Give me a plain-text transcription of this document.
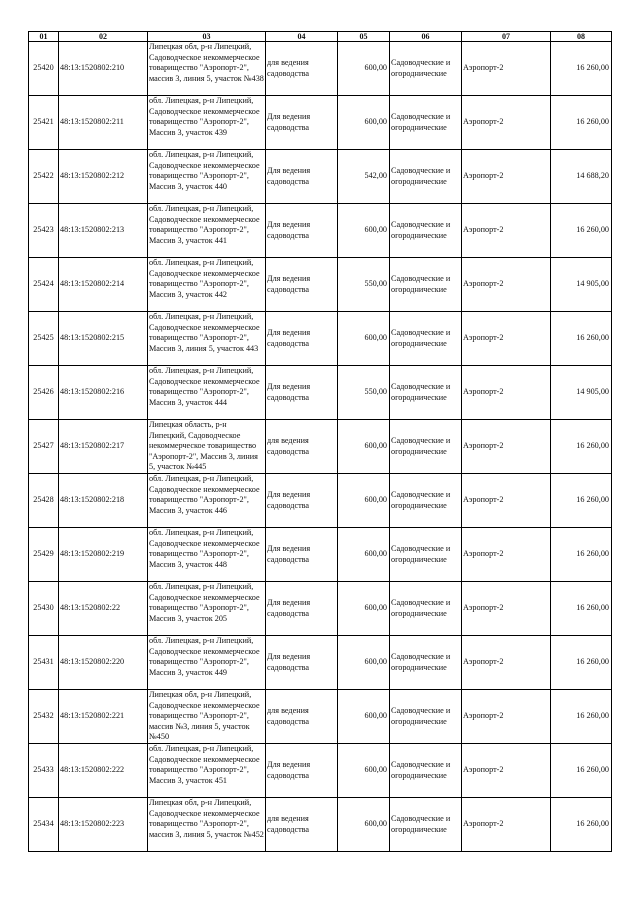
01	02	03	04	05	06	07	08
25420	48:13:1520802:210	Липецкая обл, р-н Липецкий, Садоводческое некоммерческое товарищество "Аэропорт-2", массив 3, линия 5, участок №438	для ведения садоводства	600,00	Садоводческие и огороднические	Аэропорт-2	16 260,00
25421	48:13:1520802:211	обл. Липецкая, р-н Липецкий, Садоводческое некоммерческое товарищество "Аэропорт-2", Массив 3, участок 439	Для ведения садоводства	600,00	Садоводческие и огороднические	Аэропорт-2	16 260,00
25422	48:13:1520802:212	обл. Липецкая, р-н Липецкий, Садоводческое некоммерческое товарищество "Аэропорт-2", Массив 3, участок 440	Для ведения садоводства	542,00	Садоводческие и огороднические	Аэропорт-2	14 688,20
25423	48:13:1520802:213	обл. Липецкая, р-н Липецкий, Садоводческое некоммерческое товарищество "Аэропорт-2", Массив 3, участок 441	Для ведения садоводства	600,00	Садоводческие и огороднические	Аэропорт-2	16 260,00
25424	48:13:1520802:214	обл. Липецкая, р-н Липецкий, Садоводческое некоммерческое товарищество "Аэропорт-2", Массив 3, участок 442	Для ведения садоводства	550,00	Садоводческие и огороднические	Аэропорт-2	14 905,00
25425	48:13:1520802:215	обл. Липецкая, р-н Липецкий, Садоводческое некоммерческое товарищество "Аэропорт-2", Массив 3, линия 5, участок 443	Для ведения садоводства	600,00	Садоводческие и огороднические	Аэропорт-2	16 260,00
25426	48:13:1520802:216	обл. Липецкая, р-н Липецкий, Садоводческое некоммерческое товарищество "Аэропорт-2", Массив 3, участок 444	Для ведения садоводства	550,00	Садоводческие и огороднические	Аэропорт-2	14 905,00
25427	48:13:1520802:217	Липецкая область, р-н Липецкий, Садоводческое некоммерческое товарищество "Аэропорт-2", Массив 3, линия 5, участок №445	для ведения садоводства	600,00	Садоводческие и огороднические	Аэропорт-2	16 260,00
25428	48:13:1520802:218	обл. Липецкая, р-н Липецкий, Садоводческое некоммерческое товарищество "Аэропорт-2", Массив 3, участок 446	Для ведения садоводства	600,00	Садоводческие и огороднические	Аэропорт-2	16 260,00
25429	48:13:1520802:219	обл. Липецкая, р-н Липецкий, Садоводческое некоммерческое товарищество "Аэропорт-2", Массив 3, участок 448	Для ведения садоводства	600,00	Садоводческие и огороднические	Аэропорт-2	16 260,00
25430	48:13:1520802:22	обл. Липецкая, р-н Липецкий, Садоводческое некоммерческое товарищество "Аэропорт-2", Массив 3, участок 205	Для ведения садоводства	600,00	Садоводческие и огороднические	Аэропорт-2	16 260,00
25431	48:13:1520802:220	обл. Липецкая, р-н Липецкий, Садоводческое некоммерческое товарищество "Аэропорт-2", Массив 3, участок 449	Для ведения садоводства	600,00	Садоводческие и огороднические	Аэропорт-2	16 260,00
25432	48:13:1520802:221	Липецкая обл, р-н Липецкий, Садоводческое некоммерческое товарищество "Аэропорт-2", массив №3, линия 5, участок №450	для ведения садоводства	600,00	Садоводческие и огороднические	Аэропорт-2	16 260,00
25433	48:13:1520802:222	обл. Липецкая, р-н Липецкий, Садоводческое некоммерческое товарищество "Аэропорт-2", Массив 3, участок 451	Для ведения садоводства	600,00	Садоводческие и огороднические	Аэропорт-2	16 260,00
25434	48:13:1520802:223	Липецкая обл, р-н Липецкий, Садоводческое некоммерческое товарищество "Аэропорт-2", массив 3, линия 5, участок №452	для ведения садоводства	600,00	Садоводческие и огороднические	Аэропорт-2	16 260,00
